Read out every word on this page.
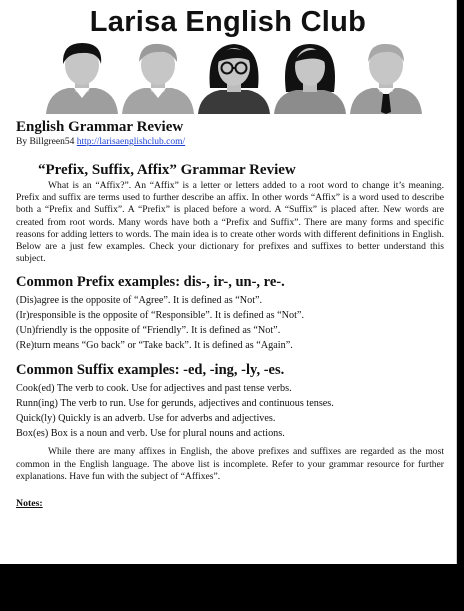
Larisa English Club
English Grammar Review

By Billgreen54 http://larisaenglishclub.com/

“Prefix, Suffix, Affix” Grammar Review

What is an “Affix?”. An “Affix” is a letter or letters added to a root word to change it’s meaning. Prefix and suffix are terms used to further describe an affix. In other words “Affix” is a word used to describe both a “Prefix and Suffix”. A “Prefix” is placed before a word. A “Suffix” is placed after. New words are created from root words. Many words have both a “Prefix and Suffix”. There are many forms and specific reasons for adding letters to words. The main idea is to create other words with different definitions in English. Below are a just few examples. Check your dictionary for prefixes and suffixes to better understand this subject.

Common Prefix examples: dis-, ir-, un-, re-.

(Dis)agree is the opposite of “Agree”. It is defined as “Not”.

(Ir)responsible is the opposite of “Responsible”. It is defined as “Not”.

(Un)friendly is the opposite of “Friendly”. It is defined as “Not”.

(Re)turn means “Go back” or “Take back”. It is defined as “Again”.

Common Suffix examples: -ed, -ing, -ly, -es.

Cook(ed) The verb to cook. Use for adjectives and past tense verbs.

Runn(ing) The verb to run. Use for gerunds, adjectives and continuous tenses.

Quick(ly) Quickly is an adverb. Use for adverbs and adjectives.

Box(es) Box is a noun and verb. Use for plural nouns and actions.

While there are many affixes in English, the above prefixes and suffixes are regarded as the most common in the English language. The above list is incomplete. Refer to your grammar resource for further explanations. Have fun with the subject of “Affixes”.

Notes:
